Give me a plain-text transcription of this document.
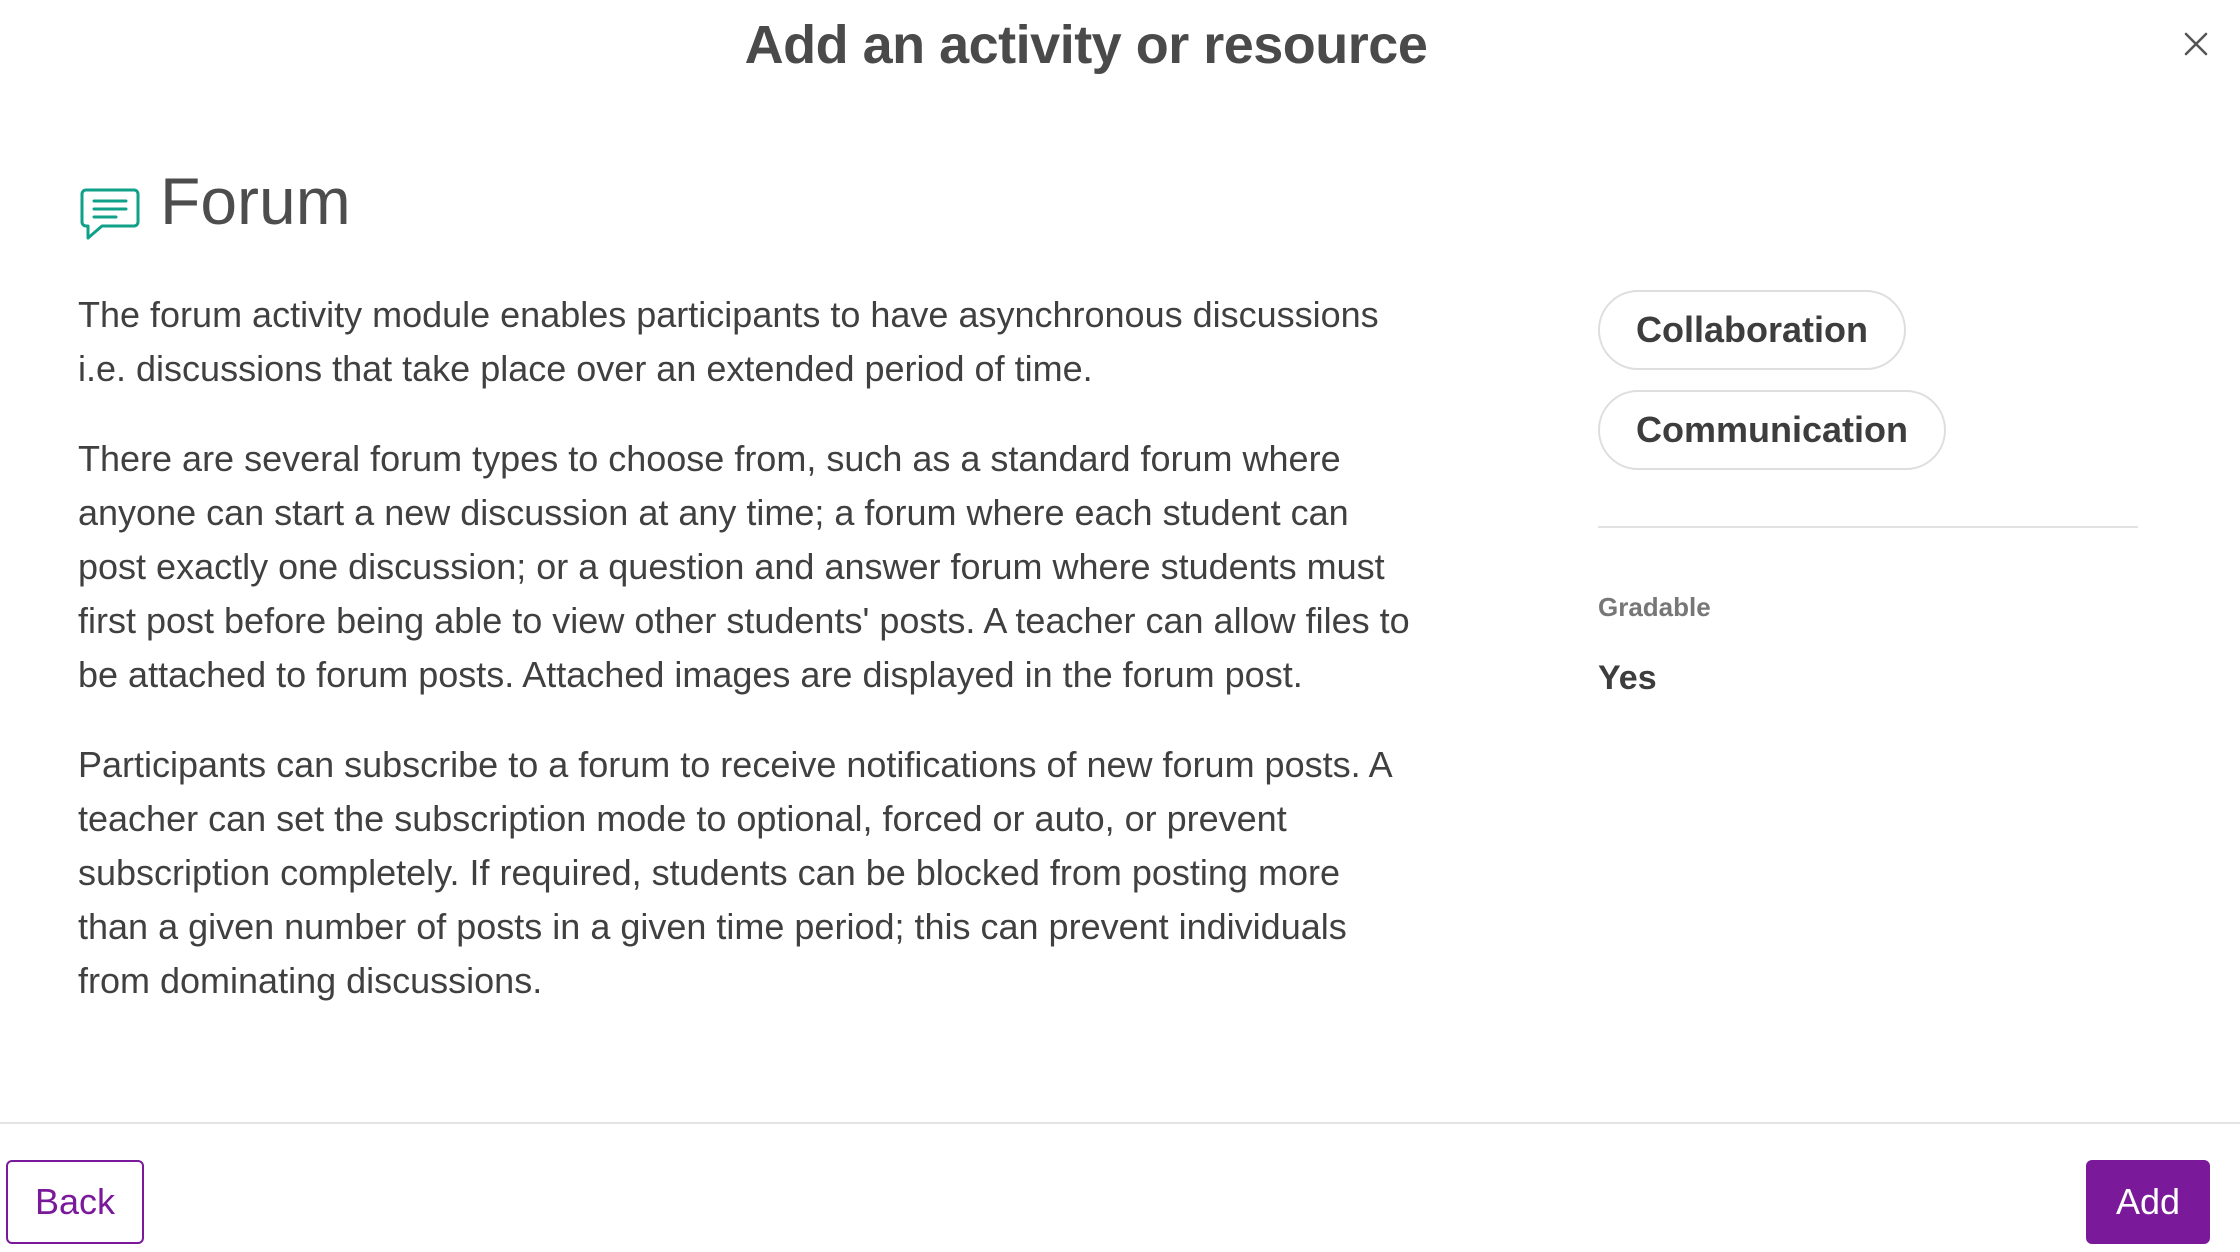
Add an activity or resource
Forum

The forum activity module enables participants to have asynchronous discussions i.e. discussions that take place over an extended period of time.

There are several forum types to choose from, such as a standard forum where anyone can start a new discussion at any time; a forum where each student can post exactly one discussion; or a question and answer forum where students must first post before being able to view other students' posts. A teacher can allow files to be attached to forum posts. Attached images are displayed in the forum post.

Participants can subscribe to a forum to receive notifications of new forum posts. A teacher can set the subscription mode to optional, forced or auto, or prevent subscription completely. If required, students can be blocked from posting more than a given number of posts in a given time period; this can prevent individuals from dominating discussions.

Collaboration
Communication
Gradable
Yes
Back	Add
